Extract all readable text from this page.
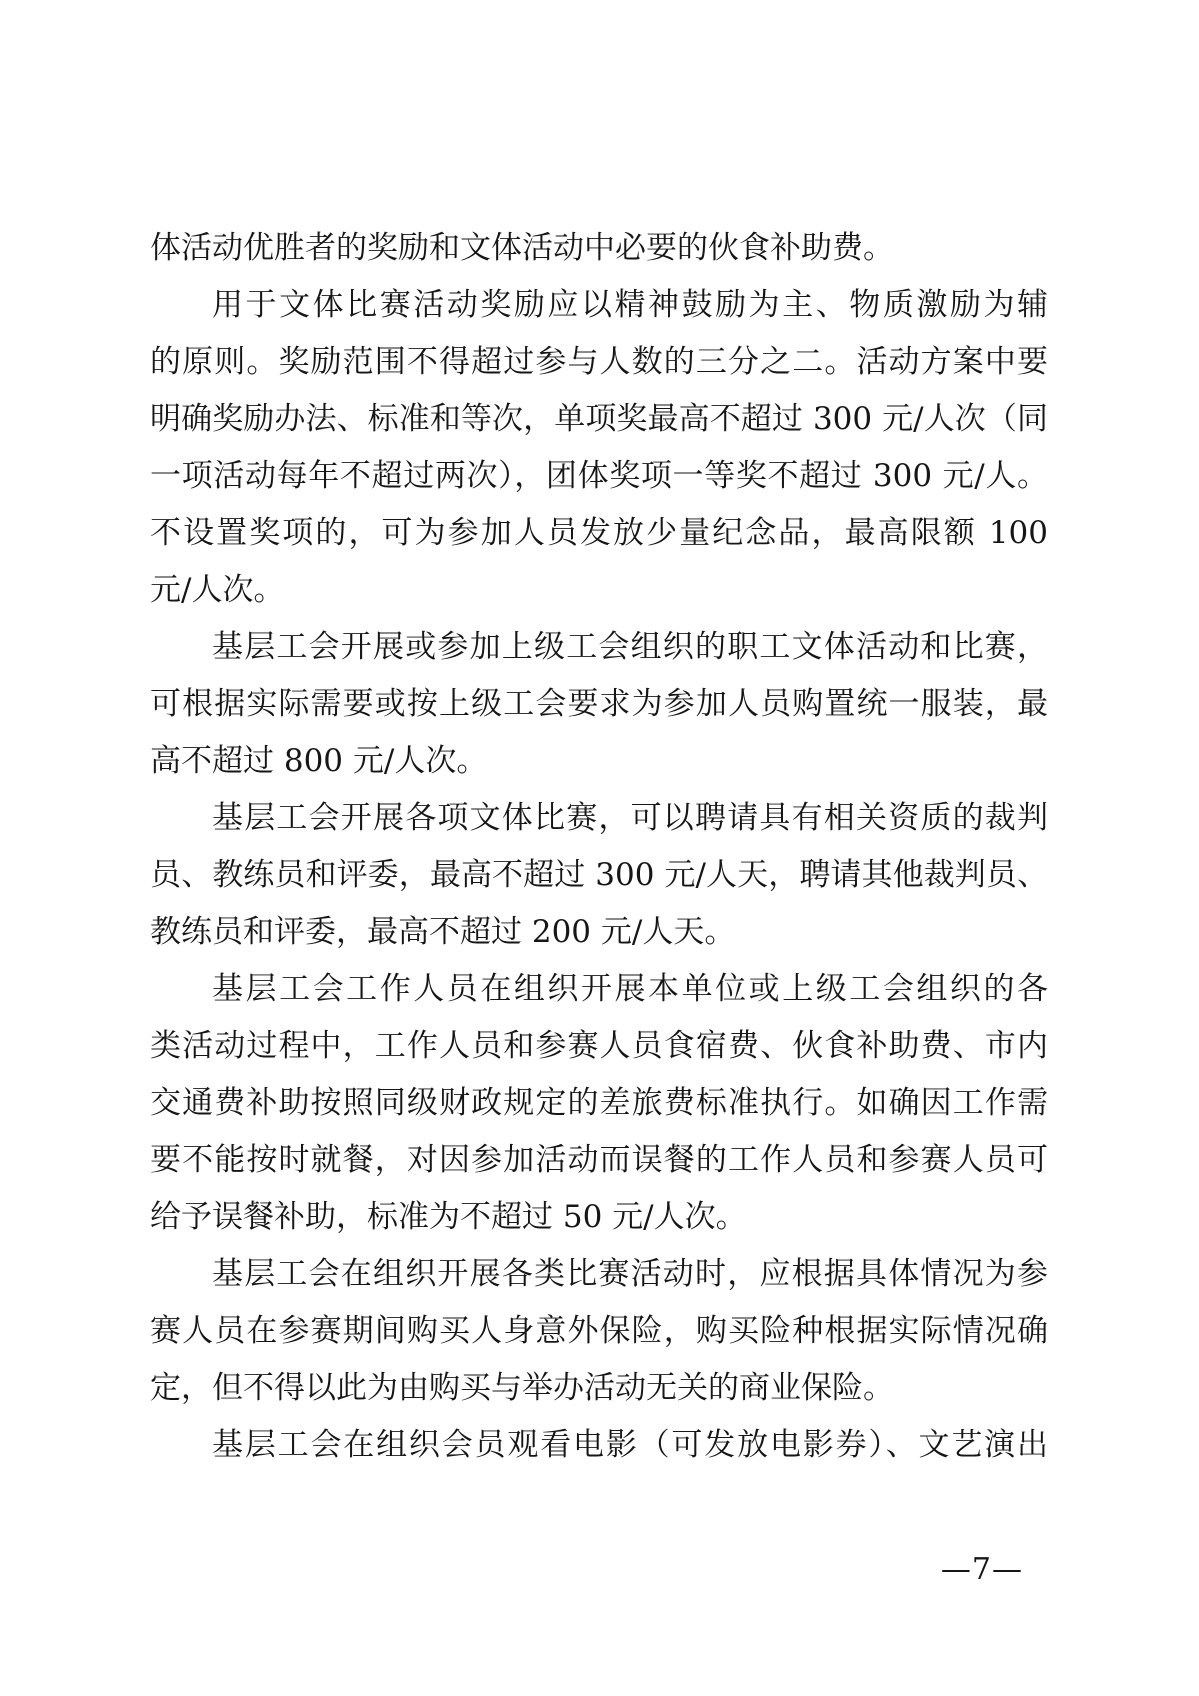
体活动优胜者的奖励和文体活动中必要的伙食补助费。
用于文体比赛活动奖励应以精神鼓励为主、物质激励为辅
的原则。奖励范围不得超过参与人数的三分之二。活动方案中要
明确奖励办法、标准和等次，单项奖最高不超过 300 元/人次（同
一项活动每年不超过两次），团体奖项一等奖不超过 300 元/人。
不设置奖项的，可为参加人员发放少量纪念品，最高限额 100
元/人次。
基层工会开展或参加上级工会组织的职工文体活动和比赛，
可根据实际需要或按上级工会要求为参加人员购置统一服装，最
高不超过 800 元/人次。
基层工会开展各项文体比赛，可以聘请具有相关资质的裁判
员、教练员和评委，最高不超过 300 元/人天，聘请其他裁判员、
教练员和评委，最高不超过 200 元/人天。
基层工会工作人员在组织开展本单位或上级工会组织的各
类活动过程中，工作人员和参赛人员食宿费、伙食补助费、市内
交通费补助按照同级财政规定的差旅费标准执行。如确因工作需
要不能按时就餐，对因参加活动而误餐的工作人员和参赛人员可
给予误餐补助，标准为不超过 50 元/人次。
基层工会在组织开展各类比赛活动时，应根据具体情况为参
赛人员在参赛期间购买人身意外保险，购买险种根据实际情况确
定，但不得以此为由购买与举办活动无关的商业保险。
基层工会在组织会员观看电影（可发放电影券）、文艺演出
—7—
